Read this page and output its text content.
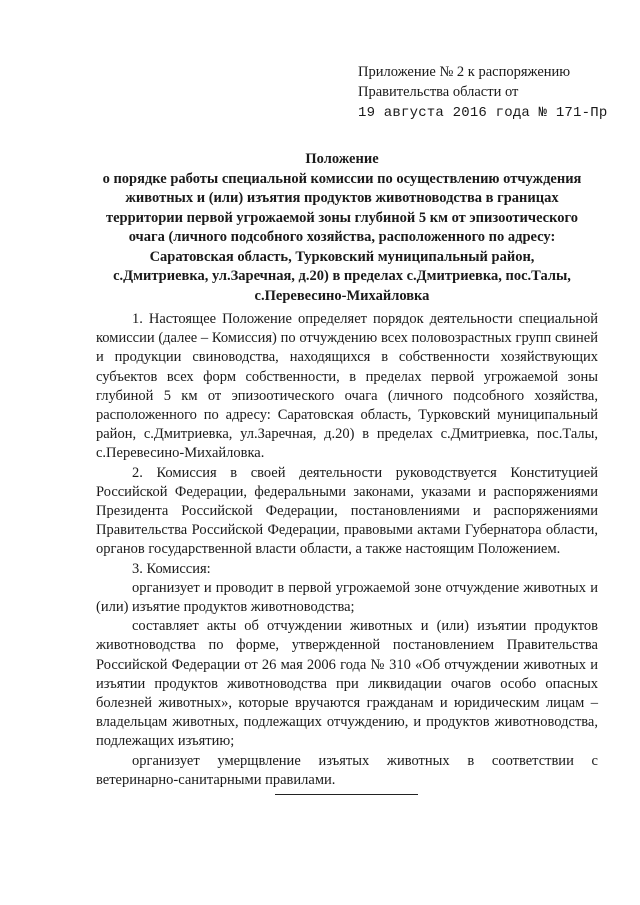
Приложение № 2 к распоряжению
Правительства области от
19 августа 2016 года № 171-Пр
Положение
о порядке работы специальной комиссии по осуществлению отчуждения
животных и (или) изъятия продуктов животноводства в границах
территории первой угрожаемой зоны глубиной 5 км от эпизоотического
очага (личного подсобного хозяйства, расположенного по адресу:
Саратовская область, Турковский муниципальный район,
с.Дмитриевка, ул.Заречная, д.20) в пределах с.Дмитриевка, пос.Талы,
с.Перевесино-Михайловка

1. Настоящее Положение определяет порядок деятельности специальной комиссии (далее – Комиссия) по отчуждению всех половозрастных групп свиней и продукции свиноводства, находящихся в собственности хозяйствующих субъектов всех форм собственности, в пределах первой угрожаемой зоны глубиной 5 км от эпизоотического очага (личного подсобного хозяйства, расположенного по адресу: Саратовская область, Турковский муниципальный район, с.Дмитриевка, ул.Заречная, д.20) в пределах с.Дмитриевка, пос.Талы, с.Перевесино-Михайловка.

2. Комиссия в своей деятельности руководствуется Конституцией Российской Федерации, федеральными законами, указами и распоряжениями Президента Российской Федерации, постановлениями и распоряжениями Правительства Российской Федерации, правовыми актами Губернатора области, органов государственной власти области, а также настоящим Положением.

3. Комиссия:

организует и проводит в первой угрожаемой зоне отчуждение животных и (или) изъятие продуктов животноводства;

составляет акты об отчуждении животных и (или) изъятии продуктов животноводства по форме, утвержденной постановлением Правительства Российской Федерации от 26 мая 2006 года № 310 «Об отчуждении животных и изъятии продуктов животноводства при ликвидации очагов особо опасных болезней животных», которые вручаются гражданам и юридическим лицам – владельцам животных, подлежащих отчуждению, и продуктов животноводства, подлежащих изъятию;

организует умерщвление изъятых животных в соответствии с ветеринарно-санитарными правилами.
